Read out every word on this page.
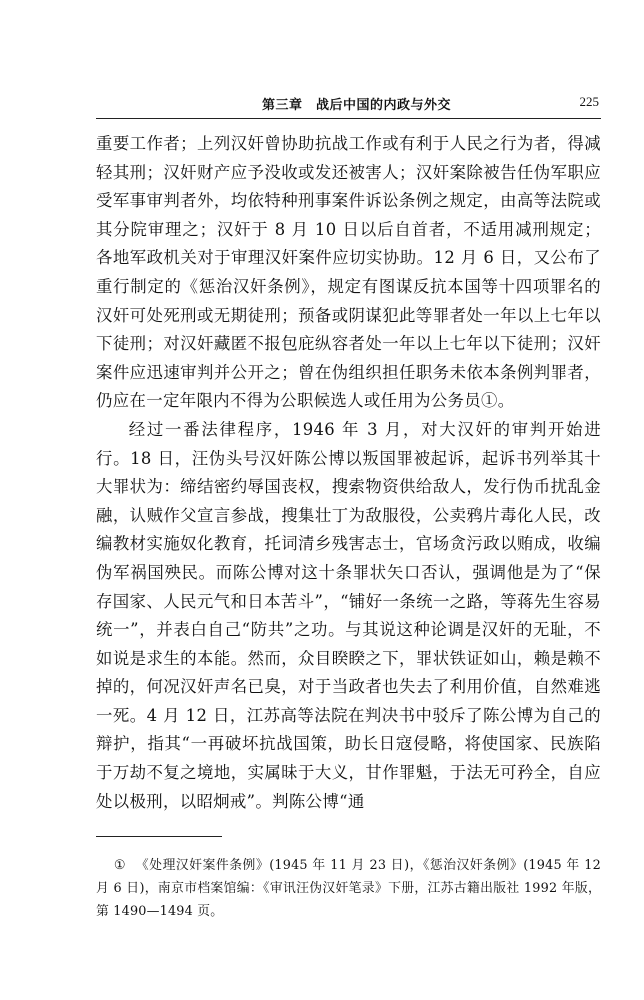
第三章　战后中国的内政与外交	225

重要工作者；上列汉奸曾协助抗战工作或有利于人民之行为者，得减轻其刑；汉奸财产应予没收或发还被害人；汉奸案除被告任伪军职应受军事审判者外，均依特种刑事案件诉讼条例之规定，由高等法院或其分院审理之；汉奸于 8 月 10 日以后自首者，不适用减刑规定；各地军政机关对于审理汉奸案件应切实协助。12 月 6 日，又公布了重行制定的《惩治汉奸条例》，规定有图谋反抗本国等十四项罪名的汉奸可处死刑或无期徒刑；预备或阴谋犯此等罪者处一年以上七年以下徒刑；对汉奸藏匿不报包庇纵容者处一年以上七年以下徒刑；汉奸案件应迅速审判并公开之；曾在伪组织担任职务未依本条例判罪者，仍应在一定年限内不得为公职候选人或任用为公务员①。

经过一番法律程序，1946 年 3 月，对大汉奸的审判开始进行。18 日，汪伪头号汉奸陈公博以叛国罪被起诉，起诉书列举其十大罪状为：缔结密约辱国丧权，搜索物资供给敌人，发行伪币扰乱金融，认贼作父宣言参战，搜集壮丁为敌服役，公卖鸦片毒化人民，改编教材实施奴化教育，托词清乡残害志士，官场贪污政以贿成，收编伪军祸国殃民。而陈公博对这十条罪状矢口否认，强调他是为了“保存国家、人民元气和日本苦斗”，“铺好一条统一之路，等蒋先生容易统一”，并表白自己“防共”之功。与其说这种论调是汉奸的无耻，不如说是求生的本能。然而，众目睽睽之下，罪状铁证如山，赖是赖不掉的，何况汉奸声名已臭，对于当政者也失去了利用价值，自然难逃一死。4 月 12 日，江苏高等法院在判决书中驳斥了陈公博为自己的辩护，指其“一再破坏抗战国策，助长日寇侵略，将使国家、民族陷于万劫不复之境地，实属昧于大义，甘作罪魁，于法无可矜全，自应处以极刑，以昭炯戒”。判陈公博“通

① 《处理汉奸案件条例》(1945 年 11 月 23 日)，《惩治汉奸条例》(1945 年 12 月 6 日)，南京市档案馆编：《审讯汪伪汉奸笔录》下册，江苏古籍出版社 1992 年版，第 1490—1494 页。
